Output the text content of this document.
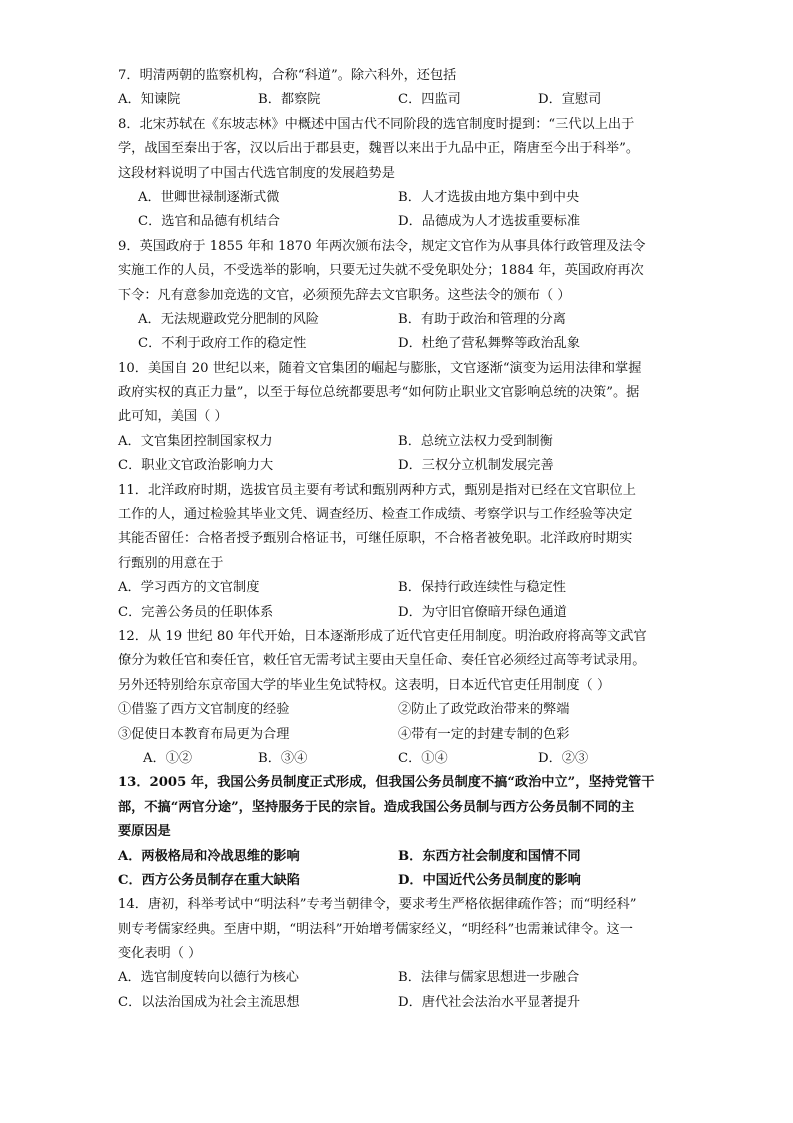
7．明清两朝的监察机构，合称“科道”。除六科外，还包括
A．知谏院	B．都察院	C．四监司	D．宣慰司
8．北宋苏轼在《东坡志林》中概述中国古代不同阶段的选官制度时提到：“三代以上出于
学，战国至秦出于客，汉以后出于郡县吏，魏晋以来出于九品中正，隋唐至今出于科举”。
这段材料说明了中国古代选官制度的发展趋势是
A．世卿世禄制逐渐式微	B．人才选拔由地方集中到中央
C．选官和品德有机结合	D．品德成为人才选拔重要标准
9．英国政府于 1855 年和 1870 年两次颁布法令，规定文官作为从事具体行政管理及法令
实施工作的人员，不受选举的影响，只要无过失就不受免职处分；1884 年，英国政府再次
下令：凡有意参加竞选的文官，必须预先辞去文官职务。这些法令的颁布（ ）
A．无法规避政党分肥制的风险	B．有助于政治和管理的分离
C．不利于政府工作的稳定性	D．杜绝了营私舞弊等政治乱象
10．美国自 20 世纪以来，随着文官集团的崛起与膨胀，文官逐渐“演变为运用法律和掌握
政府实权的真正力量”，以至于每位总统都要思考“如何防止职业文官影响总统的决策”。据
此可知，美国（ ）
A．文官集团控制国家权力	B．总统立法权力受到制衡
C．职业文官政治影响力大	D．三权分立机制发展完善
11．北洋政府时期，选拔官员主要有考试和甄别两种方式，甄别是指对已经在文官职位上
工作的人，通过检验其毕业文凭、调查经历、检查工作成绩、考察学识与工作经验等决定
其能否留任：合格者授予甄别合格证书，可继任原职，不合格者被免职。北洋政府时期实
行甄别的用意在于
A．学习西方的文官制度	B．保持行政连续性与稳定性
C．完善公务员的任职体系	D．为守旧官僚暗开绿色通道
12．从 19 世纪 80 年代开始，日本逐渐形成了近代官吏任用制度。明治政府将高等文武官
僚分为敕任官和奏任官，敕任官无需考试主要由天皇任命、奏任官必须经过高等考试录用。
另外还特别给东京帝国大学的毕业生免试特权。这表明，日本近代官吏任用制度（ ）
①借鉴了西方文官制度的经验	②防止了政党政治带来的弊端
③促使日本教育布局更为合理	④带有一定的封建专制的色彩
A．①②	B．③④	C．①④	D．②③
13．2005 年，我国公务员制度正式形成，但我国公务员制度不搞“政治中立”，坚持党管干
部，不搞“两官分途”，坚持服务于民的宗旨。造成我国公务员制与西方公务员制不同的主
要原因是
A．两极格局和冷战思维的影响	B．东西方社会制度和国情不同
C．西方公务员制存在重大缺陷	D．中国近代公务员制度的影响
14．唐初，科举考试中“明法科”专考当朝律令，要求考生严格依据律疏作答；而“明经科”
则专考儒家经典。至唐中期，“明法科”开始增考儒家经义，“明经科”也需兼试律令。这一
变化表明（ ）
A．选官制度转向以德行为核心	B．法律与儒家思想进一步融合
C．以法治国成为社会主流思想	D．唐代社会法治水平显著提升
